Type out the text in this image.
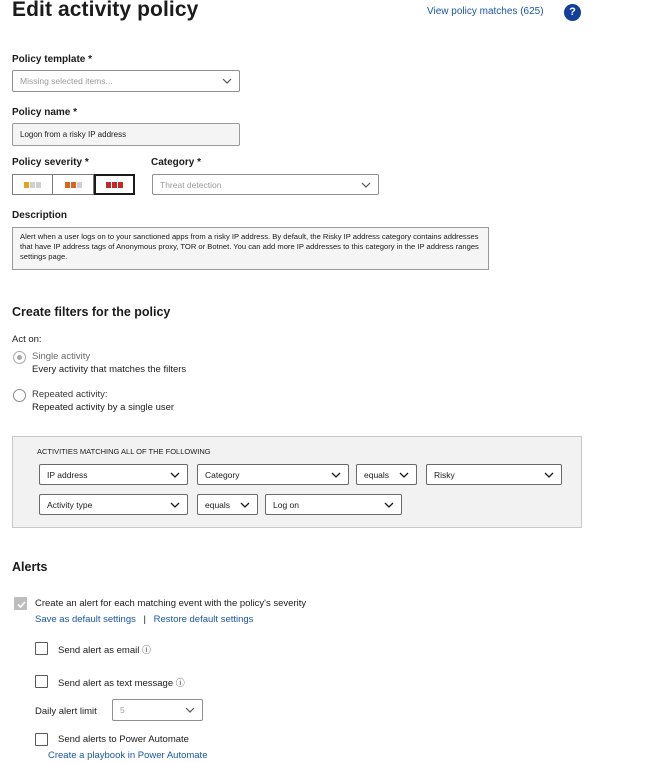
Edit activity policy	View policy matches (625)	?
Policy template *
Missing selected items...
Policy name *
Logon from a risky IP address
Policy severity *	Category *
Threat detection
Description
Alert when a user logs on to your sanctioned apps from a risky IP address. By default, the Risky IP address category contains addresses that have IP address tags of Anonymous proxy, TOR or Botnet. You can add more IP addresses to this category in the IP address ranges settings page.
Create filters for the policy
Act on:
Single activity
Every activity that matches the filters
Repeated activity:
Repeated activity by a single user
ACTIVITIES MATCHING ALL OF THE FOLLOWING
IP address	Category	equals	Risky
Activity type	equals	Log on
Alerts
Create an alert for each matching event with the policy's severity
Save as default settings | Restore default settings
Send alert as email ⓘ
Send alert as text message ⓘ
Daily alert limit	5
Send alerts to Power Automate
Create a playbook in Power Automate
